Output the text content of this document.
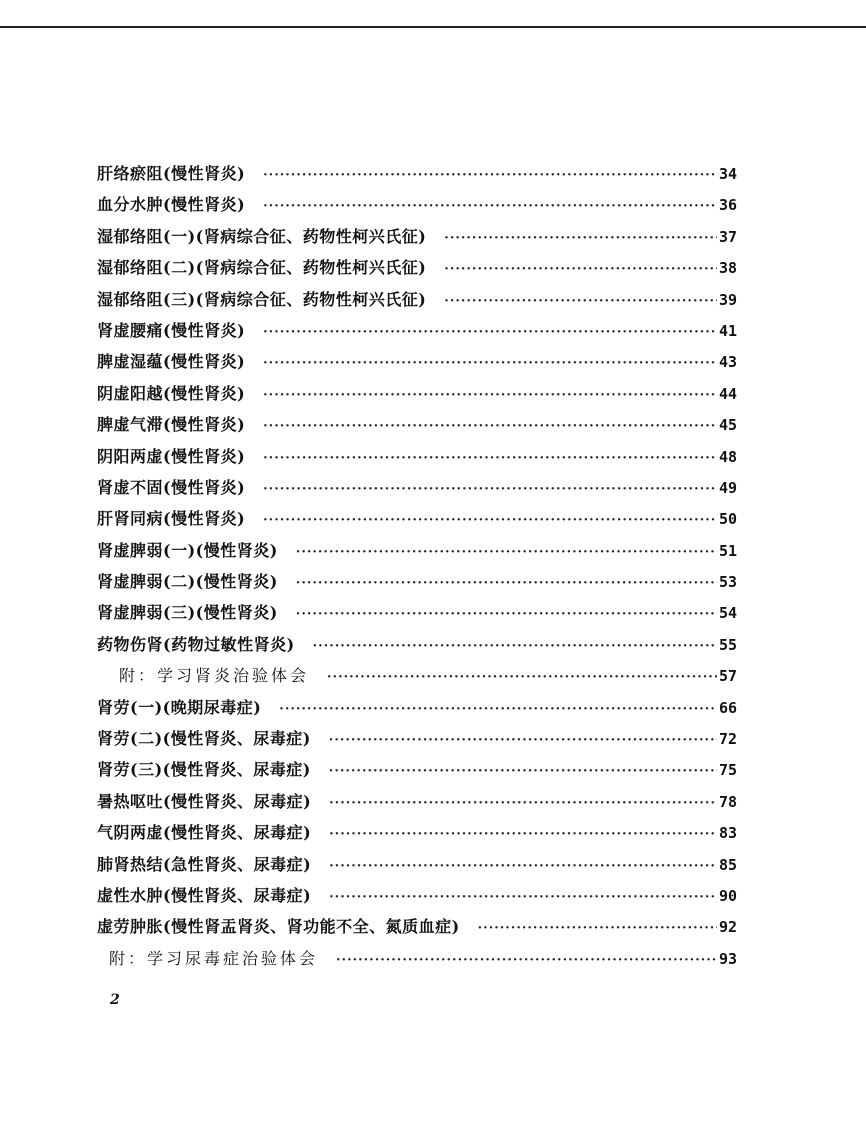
肝络瘀阻(慢性肾炎) ·····	34
血分水肿(慢性肾炎) ·····	36
湿郁络阻(一)(肾病综合征、药物性柯兴氏征) ·····	37
湿郁络阻(二)(肾病综合征、药物性柯兴氏征) ·····	38
湿郁络阻(三)(肾病综合征、药物性柯兴氏征) ·····	39
肾虚腰痛(慢性肾炎) ·····	41
脾虚湿蕴(慢性肾炎) ·····	43
阴虚阳越(慢性肾炎) ·····	44
脾虚气滞(慢性肾炎) ·····	45
阴阳两虚(慢性肾炎) ·····	48
肾虚不固(慢性肾炎) ·····	49
肝肾同病(慢性肾炎) ·····	50
肾虚脾弱(一)(慢性肾炎) ·····	51
肾虚脾弱(二)(慢性肾炎) ·····	53
肾虚脾弱(三)(慢性肾炎) ·····	54
药物伤肾(药物过敏性肾炎) ·····	55
附：学习肾炎治验体会 ·····	57
肾劳(一)(晚期尿毒症) ·····	66
肾劳(二)(慢性肾炎、尿毒症) ·····	72
肾劳(三)(慢性肾炎、尿毒症) ·····	75
暑热呕吐(慢性肾炎、尿毒症) ·····	78
气阴两虚(慢性肾炎、尿毒症) ·····	83
肺肾热结(急性肾炎、尿毒症) ·····	85
虚性水肿(慢性肾炎、尿毒症) ·····	90
虚劳肿胀(慢性肾盂肾炎、肾功能不全、氮质血症) ·····	92
附：学习尿毒症治验体会 ·····	93
2
